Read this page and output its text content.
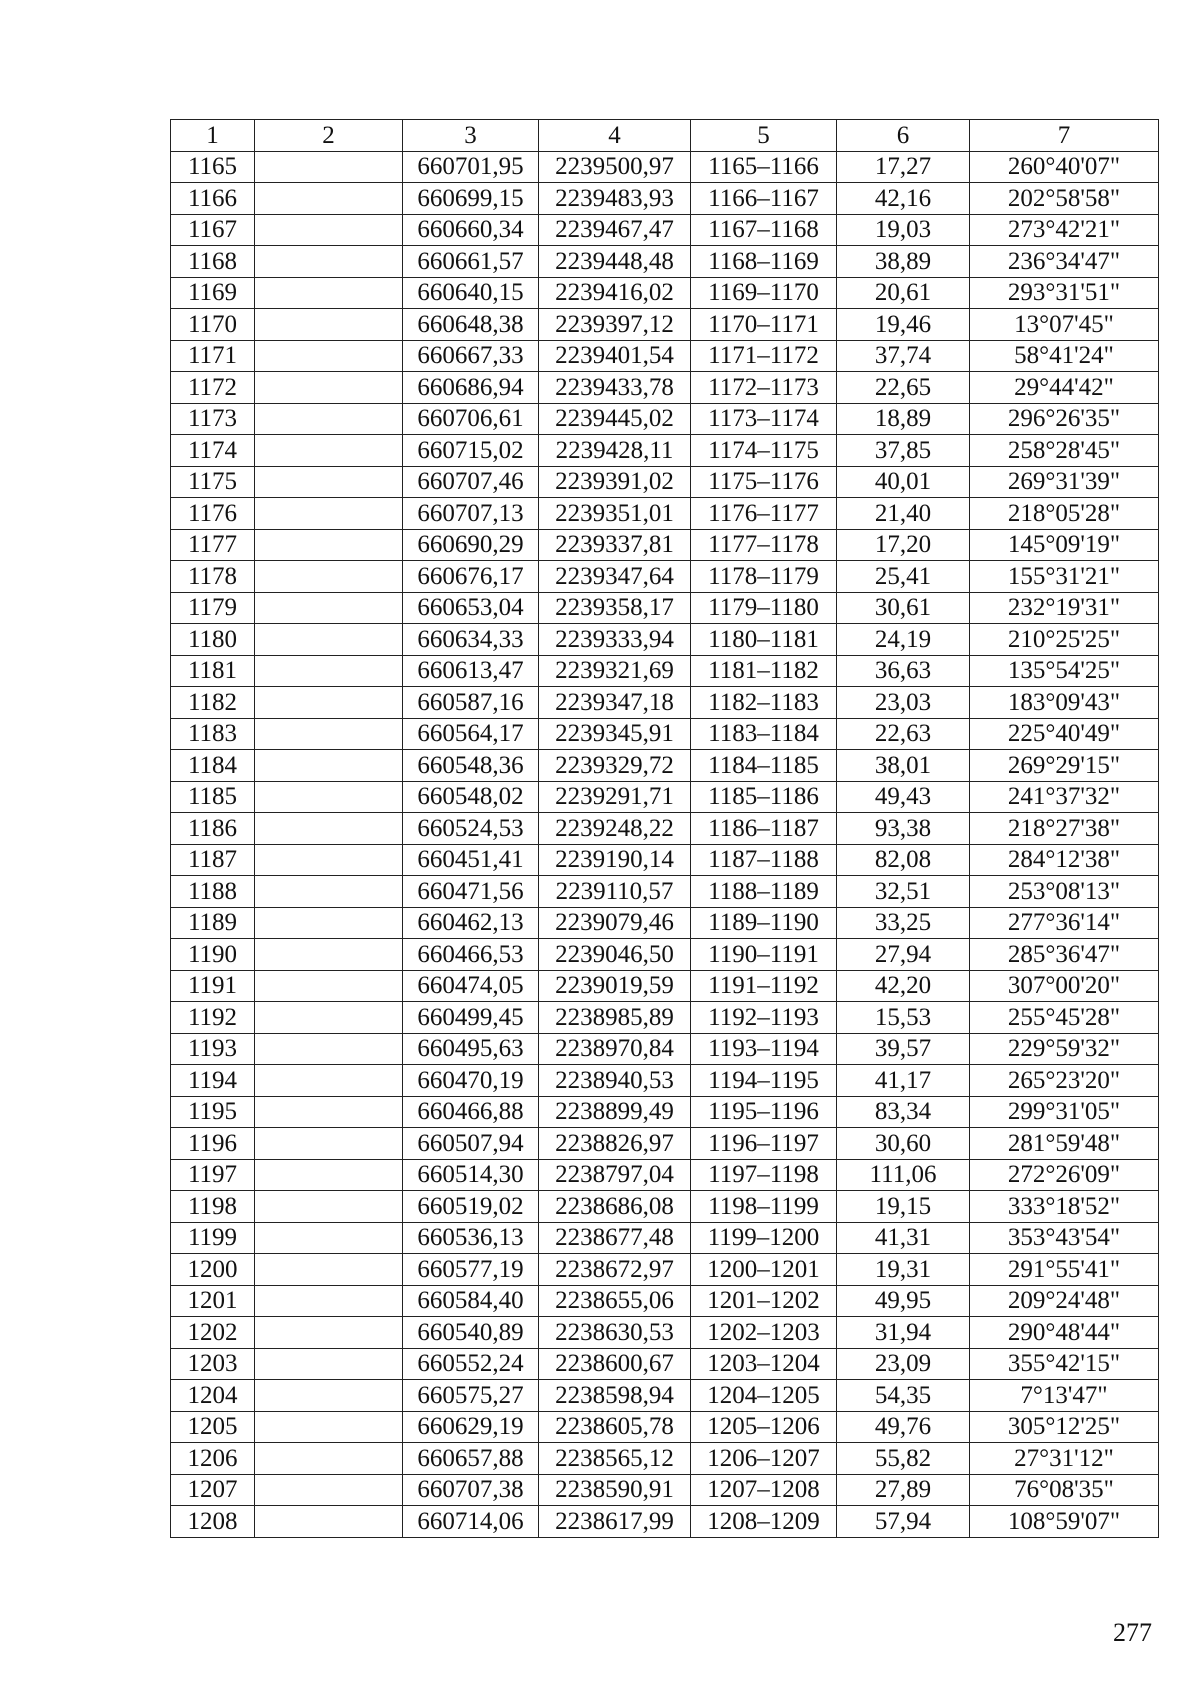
1	2	3	4	5	6	7
1165		660701,95	2239500,97	1165–1166	17,27	260°40'07"
1166		660699,15	2239483,93	1166–1167	42,16	202°58'58"
1167		660660,34	2239467,47	1167–1168	19,03	273°42'21"
1168		660661,57	2239448,48	1168–1169	38,89	236°34'47"
1169		660640,15	2239416,02	1169–1170	20,61	293°31'51"
1170		660648,38	2239397,12	1170–1171	19,46	13°07'45"
1171		660667,33	2239401,54	1171–1172	37,74	58°41'24"
1172		660686,94	2239433,78	1172–1173	22,65	29°44'42"
1173		660706,61	2239445,02	1173–1174	18,89	296°26'35"
1174		660715,02	2239428,11	1174–1175	37,85	258°28'45"
1175		660707,46	2239391,02	1175–1176	40,01	269°31'39"
1176		660707,13	2239351,01	1176–1177	21,40	218°05'28"
1177		660690,29	2239337,81	1177–1178	17,20	145°09'19"
1178		660676,17	2239347,64	1178–1179	25,41	155°31'21"
1179		660653,04	2239358,17	1179–1180	30,61	232°19'31"
1180		660634,33	2239333,94	1180–1181	24,19	210°25'25"
1181		660613,47	2239321,69	1181–1182	36,63	135°54'25"
1182		660587,16	2239347,18	1182–1183	23,03	183°09'43"
1183		660564,17	2239345,91	1183–1184	22,63	225°40'49"
1184		660548,36	2239329,72	1184–1185	38,01	269°29'15"
1185		660548,02	2239291,71	1185–1186	49,43	241°37'32"
1186		660524,53	2239248,22	1186–1187	93,38	218°27'38"
1187		660451,41	2239190,14	1187–1188	82,08	284°12'38"
1188		660471,56	2239110,57	1188–1189	32,51	253°08'13"
1189		660462,13	2239079,46	1189–1190	33,25	277°36'14"
1190		660466,53	2239046,50	1190–1191	27,94	285°36'47"
1191		660474,05	2239019,59	1191–1192	42,20	307°00'20"
1192		660499,45	2238985,89	1192–1193	15,53	255°45'28"
1193		660495,63	2238970,84	1193–1194	39,57	229°59'32"
1194		660470,19	2238940,53	1194–1195	41,17	265°23'20"
1195		660466,88	2238899,49	1195–1196	83,34	299°31'05"
1196		660507,94	2238826,97	1196–1197	30,60	281°59'48"
1197		660514,30	2238797,04	1197–1198	111,06	272°26'09"
1198		660519,02	2238686,08	1198–1199	19,15	333°18'52"
1199		660536,13	2238677,48	1199–1200	41,31	353°43'54"
1200		660577,19	2238672,97	1200–1201	19,31	291°55'41"
1201		660584,40	2238655,06	1201–1202	49,95	209°24'48"
1202		660540,89	2238630,53	1202–1203	31,94	290°48'44"
1203		660552,24	2238600,67	1203–1204	23,09	355°42'15"
1204		660575,27	2238598,94	1204–1205	54,35	7°13'47"
1205		660629,19	2238605,78	1205–1206	49,76	305°12'25"
1206		660657,88	2238565,12	1206–1207	55,82	27°31'12"
1207		660707,38	2238590,91	1207–1208	27,89	76°08'35"
1208		660714,06	2238617,99	1208–1209	57,94	108°59'07"
277
